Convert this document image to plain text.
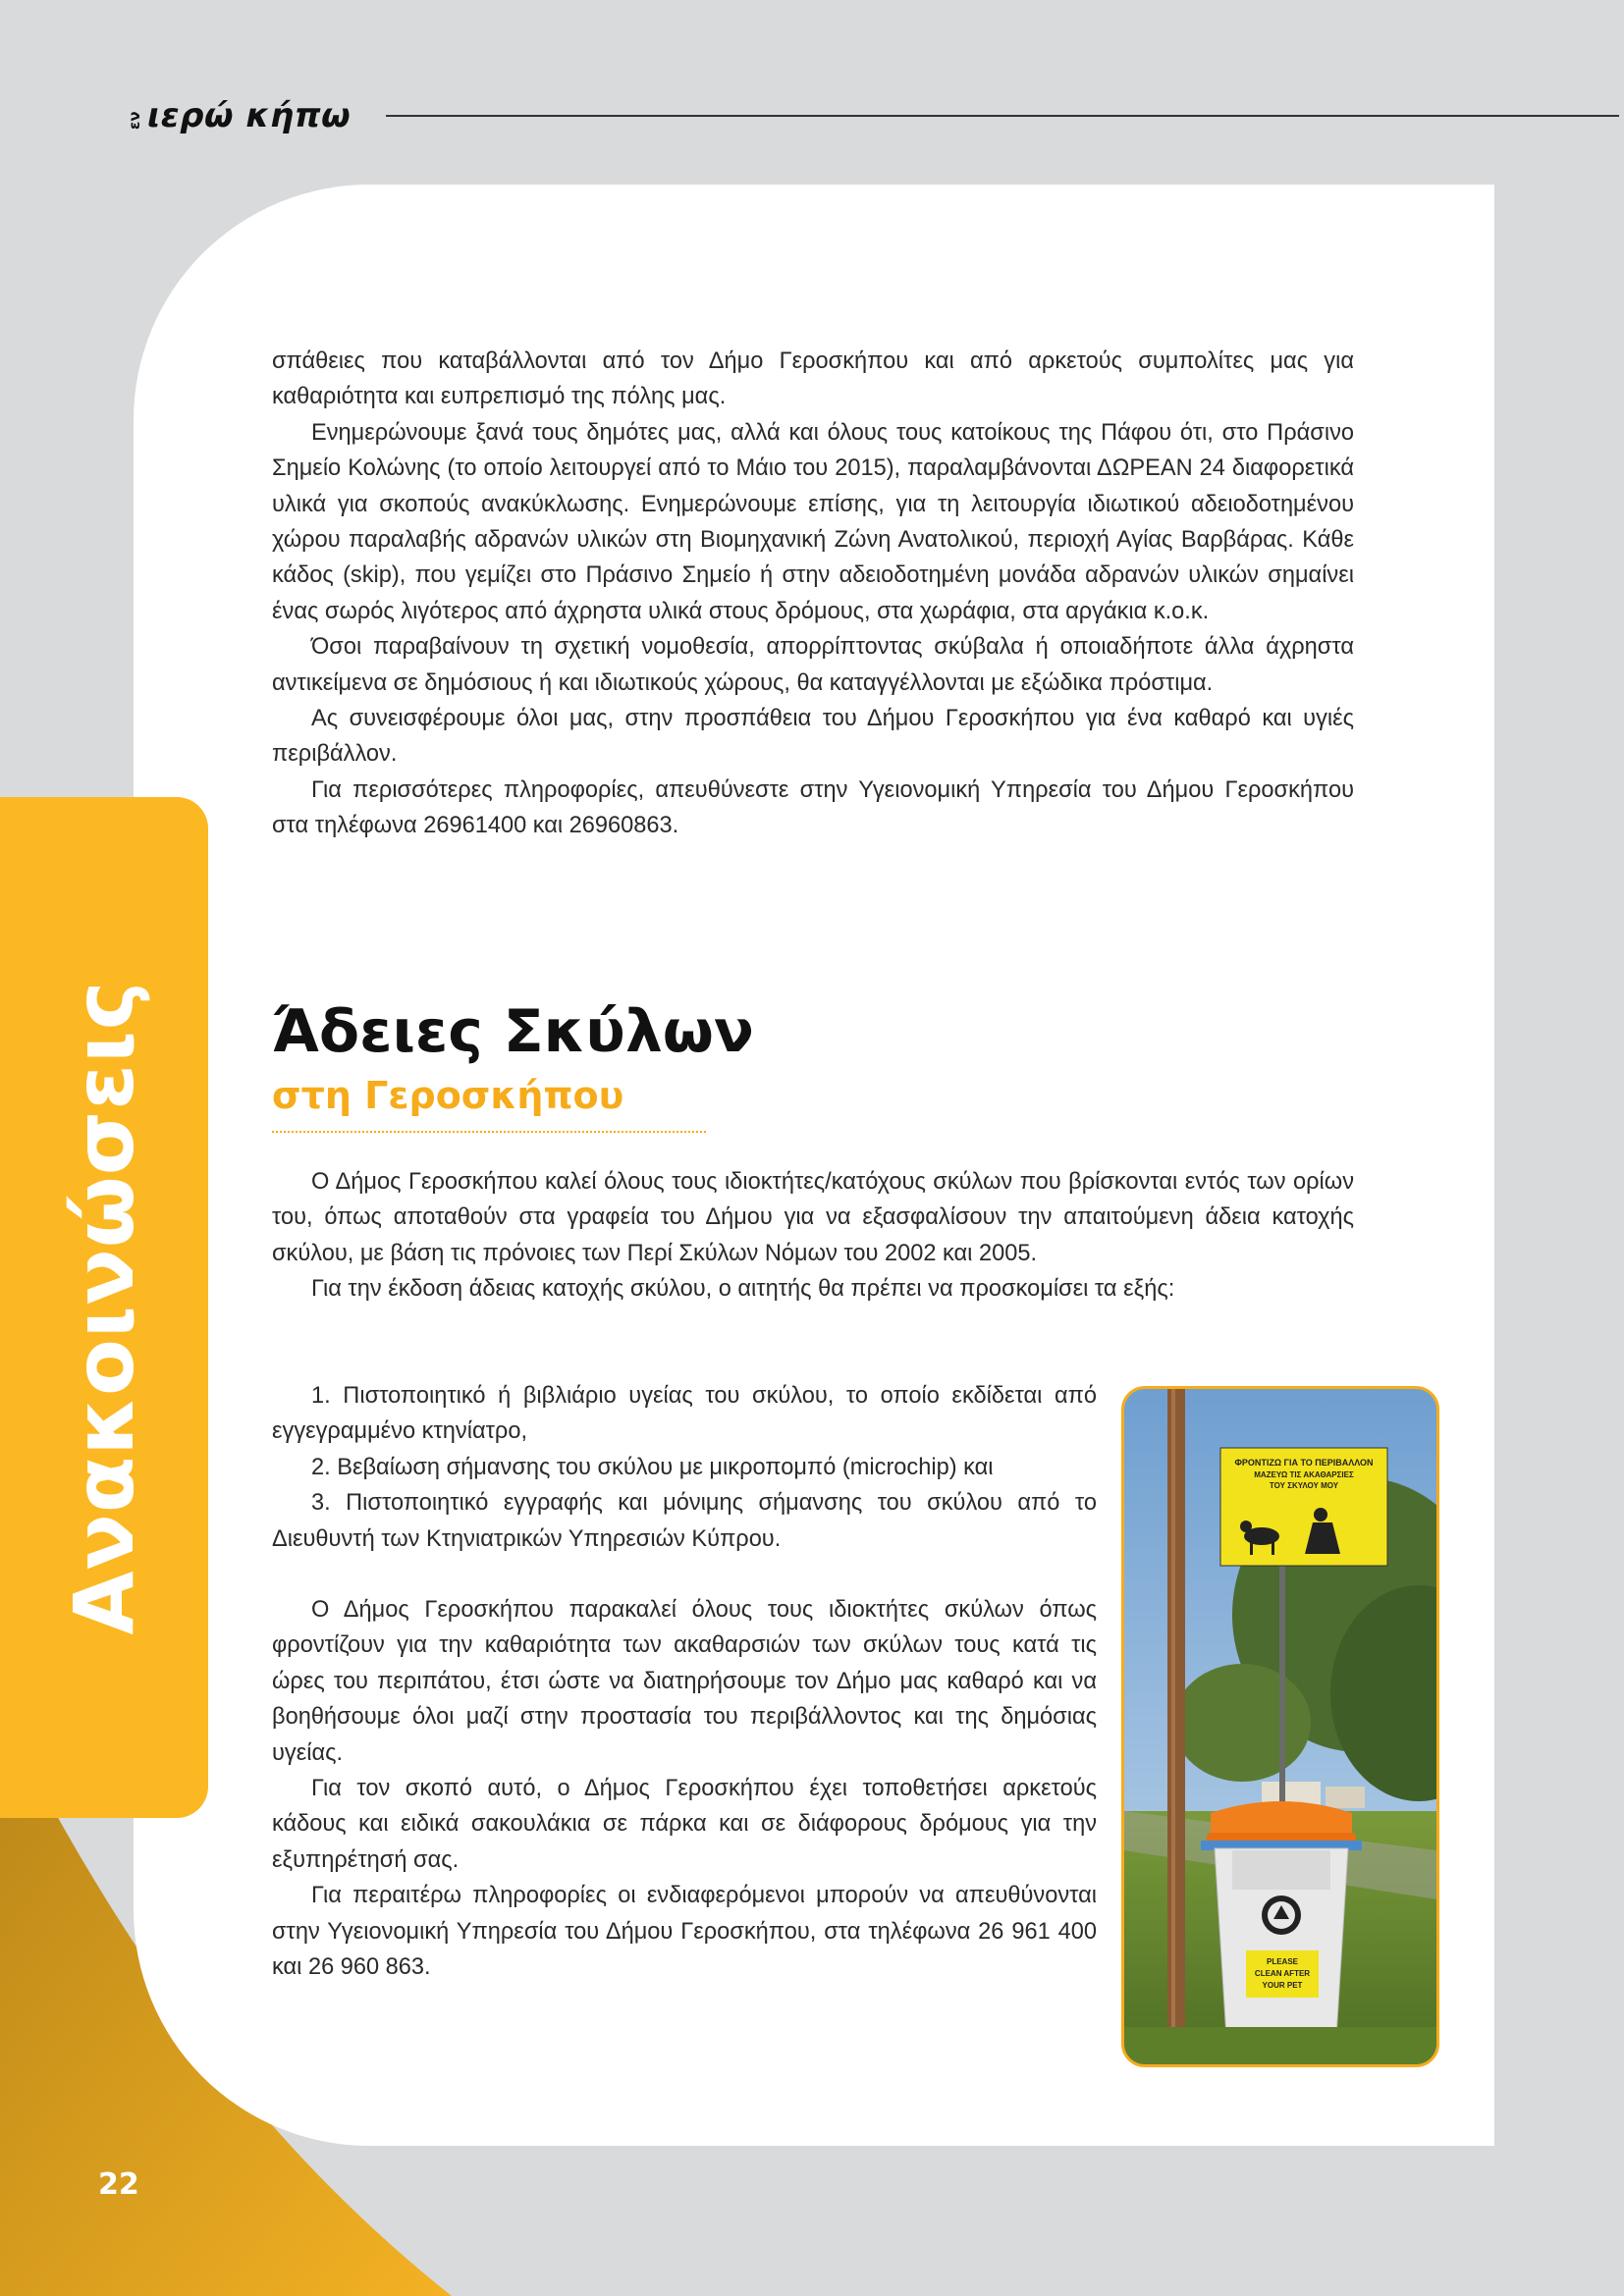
εν ιερώ κήπω
Ανακοινώσεις
22

σπάθειες που καταβάλλονται από τον Δήμο Γεροσκήπου και από αρκετούς συμπολίτες μας για καθαριότητα και ευπρεπισμό της πόλης μας.

Ενημερώνουμε ξανά τους δημότες μας, αλλά και όλους τους κατοίκους της Πάφου ότι, στο Πράσινο Σημείο Κολώνης (το οποίο λειτουργεί από το Μάιο του 2015), παραλαμβάνονται ΔΩΡΕΑΝ 24 διαφορετικά υλικά για σκοπούς ανακύκλωσης. Ενημερώνουμε επίσης, για τη λειτουργία ιδιωτικού αδειοδοτημένου χώρου παραλαβής αδρανών υλικών στη Βιομηχανική Ζώνη Ανατολικού, περιοχή Αγίας Βαρβάρας. Κάθε κάδος (skip), που γεμίζει στο Πράσινο Σημείο ή στην αδειοδοτημένη μονάδα αδρανών υλικών σημαίνει ένας σωρός λιγότερος από άχρηστα υλικά στους δρόμους, στα χωράφια, στα αργάκια κ.ο.κ.

Όσοι παραβαίνουν τη σχετική νομοθεσία, απορρίπτοντας σκύβαλα ή οποιαδήποτε άλλα άχρηστα αντικείμενα σε δημόσιους ή και ιδιωτικούς χώρους, θα καταγγέλλονται με εξώδικα πρόστιμα.

Ας συνεισφέρουμε όλοι μας, στην προσπάθεια του Δήμου Γεροσκήπου για ένα καθαρό και υγιές περιβάλλον.

Για περισσότερες πληροφορίες, απευθύνεστε στην Υγειονομική Υπηρεσία του Δήμου Γεροσκήπου στα τηλέφωνα 26961400 και 26960863.

Άδειες Σκύλων
στη Γεροσκήπου

Ο Δήμος Γεροσκήπου καλεί όλους τους ιδιοκτήτες/κατόχους σκύλων που βρίσκονται εντός των ορίων του, όπως αποταθούν στα γραφεία του Δήμου για να εξασφαλίσουν την απαιτούμενη άδεια κατοχής σκύλου, με βάση τις πρόνοιες των Περί Σκύλων Νόμων του 2002 και 2005.

Για την έκδοση άδειας κατοχής σκύλου, ο αιτητής θα πρέπει να προσκομίσει τα εξής:

1. Πιστοποιητικό ή βιβλιάριο υγείας του σκύλου, το οποίο εκδίδεται από εγγεγραμμένο κτηνίατρο,

2. Βεβαίωση σήμανσης του σκύλου με μικροπομπό (microchip) και

3. Πιστοποιητικό εγγραφής και μόνιμης σήμανσης του σκύλου από το Διευθυντή των Κτηνιατρικών Υπηρεσιών Κύπρου.

Ο Δήμος Γεροσκήπου παρακαλεί όλους τους ιδιοκτήτες σκύλων όπως φροντίζουν για την καθαριότητα των ακαθαρσιών των σκύλων τους κατά τις ώρες του περιπάτου, έτσι ώστε να διατηρήσουμε τον Δήμο μας καθαρό και να βοηθήσουμε όλοι μαζί στην προστασία του περιβάλλοντος και της δημόσιας υγείας.

Για τον σκοπό αυτό, ο Δήμος Γεροσκήπου έχει τοποθετήσει αρκετούς κάδους και ειδικά σακουλάκια σε πάρκα και σε διάφορους δρόμους για την εξυπηρέτησή σας.

Για περαιτέρω πληροφορίες οι ενδιαφερόμενοι μπορούν να απευθύνονται στην Υγειονομική Υπηρεσία του Δήμου Γεροσκήπου, στα τηλέφωνα 26 961 400 και 26 960 863.

ΦΡΟΝΤΙΖΩ ΓΙΑ ΤΟ ΠΕΡΙΒΑΛΛΟΝ
ΜΑΖΕΥΩ ΤΙΣ ΑΚΑΘΑΡΣΙΕΣ
ΤΟΥ ΣΚΥΛΟΥ ΜΟΥ
PLEASE
CLEAN AFTER
YOUR PET
